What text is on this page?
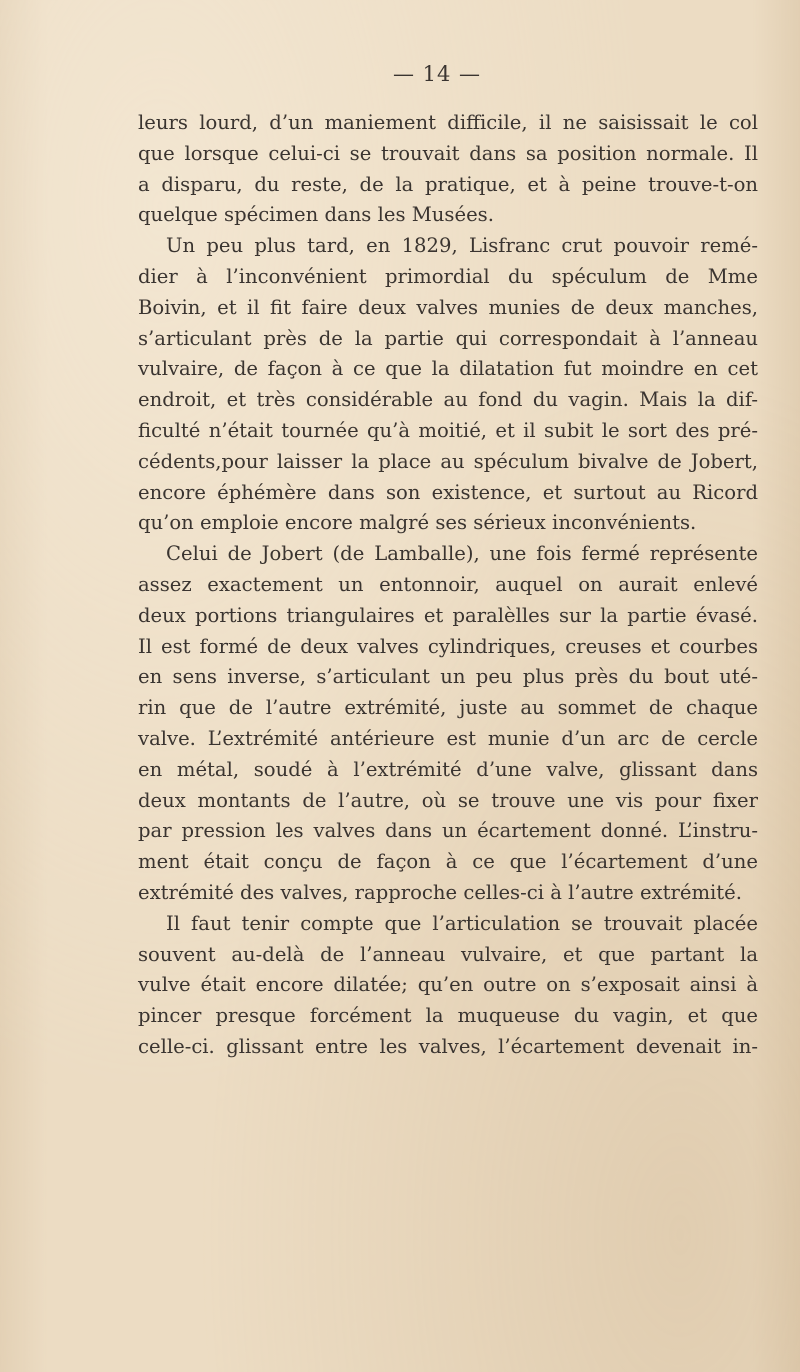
— 14 —
leurs lourd, d’un maniement difficile, il ne saisissait le col
que lorsque celui-ci se trouvait dans sa position normale. Il
a disparu, du reste, de la pratique, et à peine trouve-t-on
quelque spécimen dans les Musées.
Un peu plus tard, en 1829, Lisfranc crut pouvoir remé-
dier à l’inconvénient primordial du spéculum de Mme
Boivin, et il fit faire deux valves munies de deux manches,
s’articulant près de la partie qui correspondait à l’anneau
vulvaire, de façon à ce que la dilatation fut moindre en cet
endroit, et très considérable au fond du vagin. Mais la dif-
ficulté n’était tournée qu’à moitié, et il subit le sort des pré-
cédents,pour laisser la place au spéculum bivalve de Jobert,
encore éphémère dans son existence, et surtout au Ricord
qu’on emploie encore malgré ses sérieux inconvénients.
Celui de Jobert (de Lamballe), une fois fermé représente
assez exactement un entonnoir, auquel on aurait enlevé
deux portions triangulaires et paralèlles sur la partie évasé.
Il est formé de deux valves cylindriques, creuses et courbes
en sens inverse, s’articulant un peu plus près du bout uté-
rin que de l’autre extrémité, juste au sommet de chaque
valve. L’extrémité antérieure est munie d’un arc de cercle
en métal, soudé à l’extrémité d’une valve, glissant dans
deux montants de l’autre, où se trouve une vis pour fixer
par pression les valves dans un écartement donné. L’instru-
ment était conçu de façon à ce que l’écartement d’une
extrémité des valves, rapproche celles-ci à l’autre extrémité.
Il faut tenir compte que l’articulation se trouvait placée
souvent au-delà de l’anneau vulvaire, et que partant la
vulve était encore dilatée; qu’en outre on s’exposait ainsi à
pincer presque forcément la muqueuse du vagin, et que
celle-ci. glissant entre les valves, l’écartement devenait in-
